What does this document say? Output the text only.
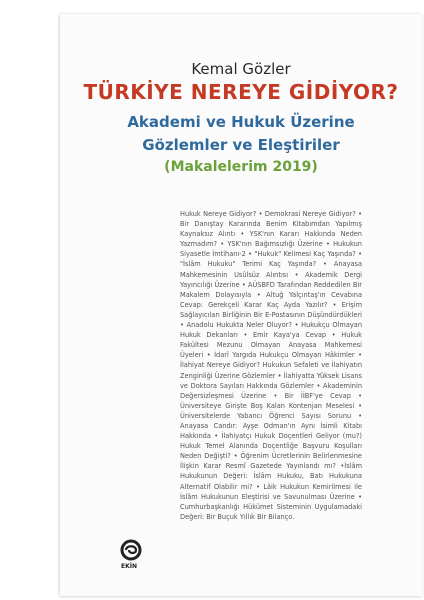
Kemal Gözler
TÜRKİYE NEREYE GİDİYOR?
Akademi ve Hukuk Üzerine
Gözlemler ve Eleştiriler
(Makalelerim 2019)

Hukuk Nereye Gidiyor? • Demokrasi Nereye Gidiyor? • Bir Danıştay Kararında Benim Kitabımdan Yapılmış Kaynaksız Alıntı • YSK'nın Kararı Hakkında Neden Yazmadım? • YSK'nın Bağımsızlığı Üzerine • Hukukun Siyasetle İmtihanı-2 • "Hukuk" Kelimesi Kaç Yaşında? • "İslâm Hukuku" Terimi Kaç Yaşında? • Anayasa Mahkemesinin Usûlsüz Alıntısı • Akademik Dergi Yayıncılığı Üzerine • AÜSBFD Tarafından Reddedilen Bir Makalem Dolayısıyla • Altuğ Yalçıntaş'ın Cevabına Cevap: Gerekçeli Karar Kaç Ayda Yazılır? • Erişim Sağlayıcıları Birliğinin Bir E-Postasının Düşündürdükleri • Anadolu Hukukta Neler Oluyor? • Hukukçu Olmayan Hukuk Dekanları • Emir Kaya'ya Cevap • Hukuk Fakültesi Mezunu Olmayan Anayasa Mahkemesi Üyeleri • İdarî Yargıda Hukukçu Olmayan Hâkimler • İlahiyat Nereye Gidiyor? Hukukun Sefaleti ve İlahiyatın Zenginliği Üzerine Gözlemler • İlahiyatta Yüksek Lisans ve Doktora Sayıları Hakkında Gözlemler • Akademinin Değersizleşmesi Üzerine • Bir İİBF'ye Cevap • Üniversiteye Girişte Boş Kalan Kontenjan Meselesi • Üniversitelerde Yabancı Öğrenci Sayısı Sorunu • Anayasa Candır: Ayşe Odman'ın Aynı İsimli Kitabı Hakkında • İlahiyatçı Hukuk Doçentleri Geliyor (mu?) Hukuk Temel Alanında Doçentliğe Başvuru Koşulları Neden Değişti? • Öğrenim Ücretlerinin Belirlenmesine İlişkin Karar Resmî Gazetede Yayınlandı mı? •İslâm Hukukunun Değeri: İslâm Hukuku, Batı Hukukuna Alternatif Olabilir mi? • Lâik Hukukun Kemirilmesi ile İslâm Hukukunun Eleştirisi ve Savunulması Üzerine • Cumhurbaşkanlığı Hükümet Sisteminin Uygulamadaki Değeri: Bir Buçuk Yıllık Bir Bilanço.

EKİN
